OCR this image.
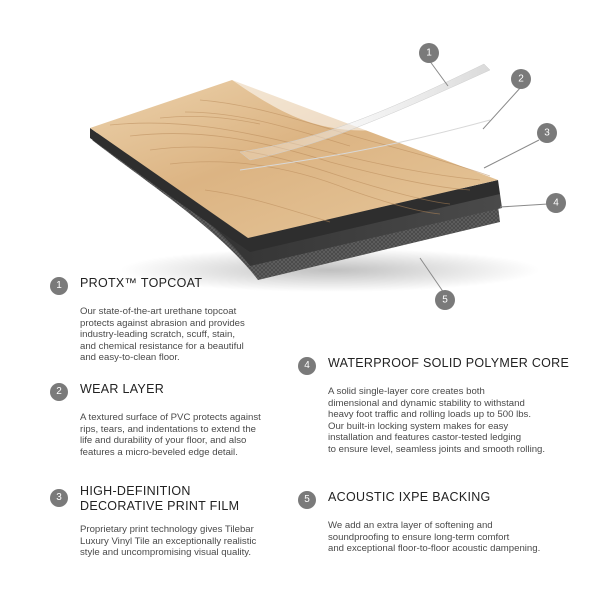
1
2
3
4
5
1	PROTX™ TOPCOAT
Our state-of-the-art urethane topcoat
protects against abrasion and provides
industry-leading scratch, scuff, stain,
and chemical resistance for a beautiful
and easy-to-clean floor.
2	WEAR LAYER
A textured surface of PVC protects against
rips, tears, and indentations to extend the
life and durability of your floor, and also
features a micro-beveled edge detail.
3	HIGH-DEFINITION
DECORATIVE PRINT FILM
Proprietary print technology gives Tilebar
Luxury Vinyl Tile an exceptionally realistic
style and uncompromising visual quality.
4	WATERPROOF SOLID POLYMER CORE
A solid single-layer core creates both
dimensional and dynamic stability to withstand
heavy foot traffic and rolling loads up to 500 lbs.
Our built-in locking system makes for easy
installation and features castor-tested ledging
to ensure level, seamless joints and smooth rolling.
5	ACOUSTIC IXPE BACKING
We add an extra layer of softening and
soundproofing to ensure long-term comfort
and exceptional floor-to-floor acoustic dampening.
